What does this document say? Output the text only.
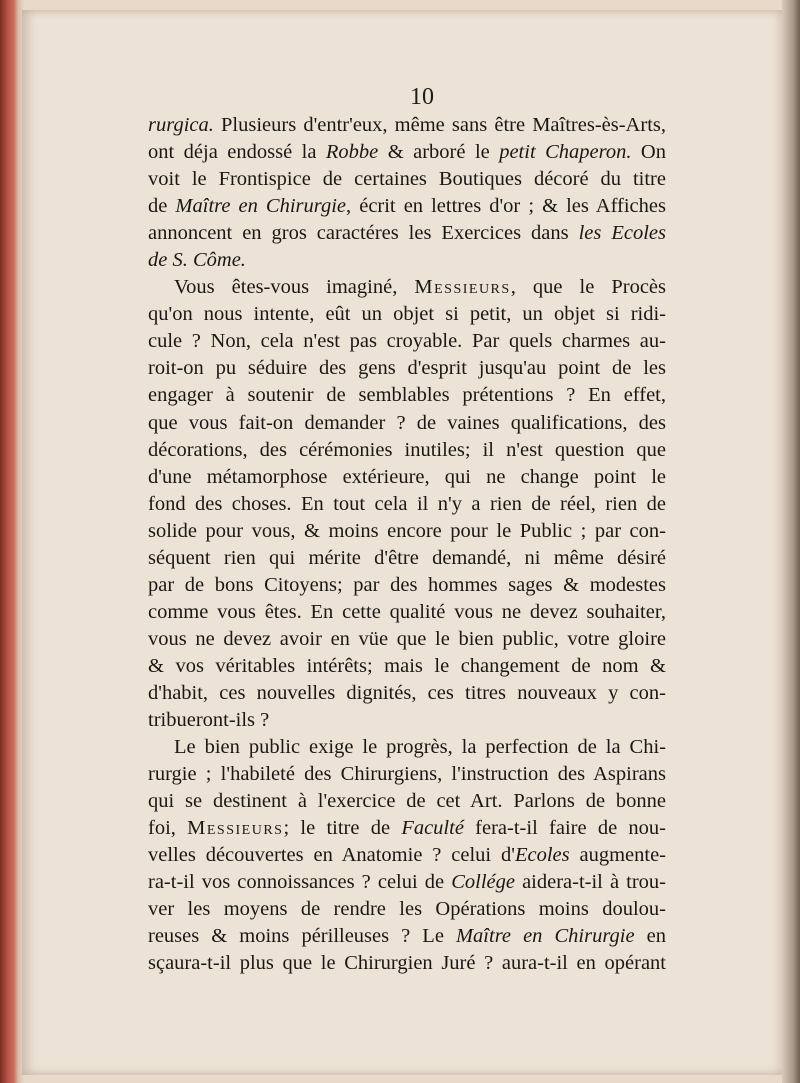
10
rurgica. Plusieurs d'entr'eux, même sans être Maîtres-ès-Arts,
ont déja endossé la Robbe & arboré le petit Chaperon. On
voit le Frontispice de certaines Boutiques décoré du titre
de Maître en Chirurgie, écrit en lettres d'or ; & les Affiches
annoncent en gros caractéres les Exercices dans les Ecoles
de S. Côme.
Vous êtes-vous imaginé, Messieurs, que le Procès
qu'on nous intente, eût un objet si petit, un objet si ridi-
cule ? Non, cela n'est pas croyable. Par quels charmes au-
roit-on pu séduire des gens d'esprit jusqu'au point de les
engager à soutenir de semblables prétentions ? En effet,
que vous fait-on demander ? de vaines qualifications, des
décorations, des cérémonies inutiles; il n'est question que
d'une métamorphose extérieure, qui ne change point le
fond des choses. En tout cela il n'y a rien de réel, rien de
solide pour vous, & moins encore pour le Public ; par con-
séquent rien qui mérite d'être demandé, ni même désiré
par de bons Citoyens; par des hommes sages & modestes
comme vous êtes. En cette qualité vous ne devez souhaiter,
vous ne devez avoir en vüe que le bien public, votre gloire
& vos véritables intérêts; mais le changement de nom &
d'habit, ces nouvelles dignités, ces titres nouveaux y con-
tribueront-ils ?
Le bien public exige le progrès, la perfection de la Chi-
rurgie ; l'habileté des Chirurgiens, l'instruction des Aspirans
qui se destinent à l'exercice de cet Art. Parlons de bonne
foi, Messieurs; le titre de Faculté fera-t-il faire de nou-
velles découvertes en Anatomie ? celui d'Ecoles augmente-
ra-t-il vos connoissances ? celui de Collége aidera-t-il à trou-
ver les moyens de rendre les Opérations moins doulou-
reuses & moins périlleuses ? Le Maître en Chirurgie en
sçaura-t-il plus que le Chirurgien Juré ? aura-t-il en opérant
